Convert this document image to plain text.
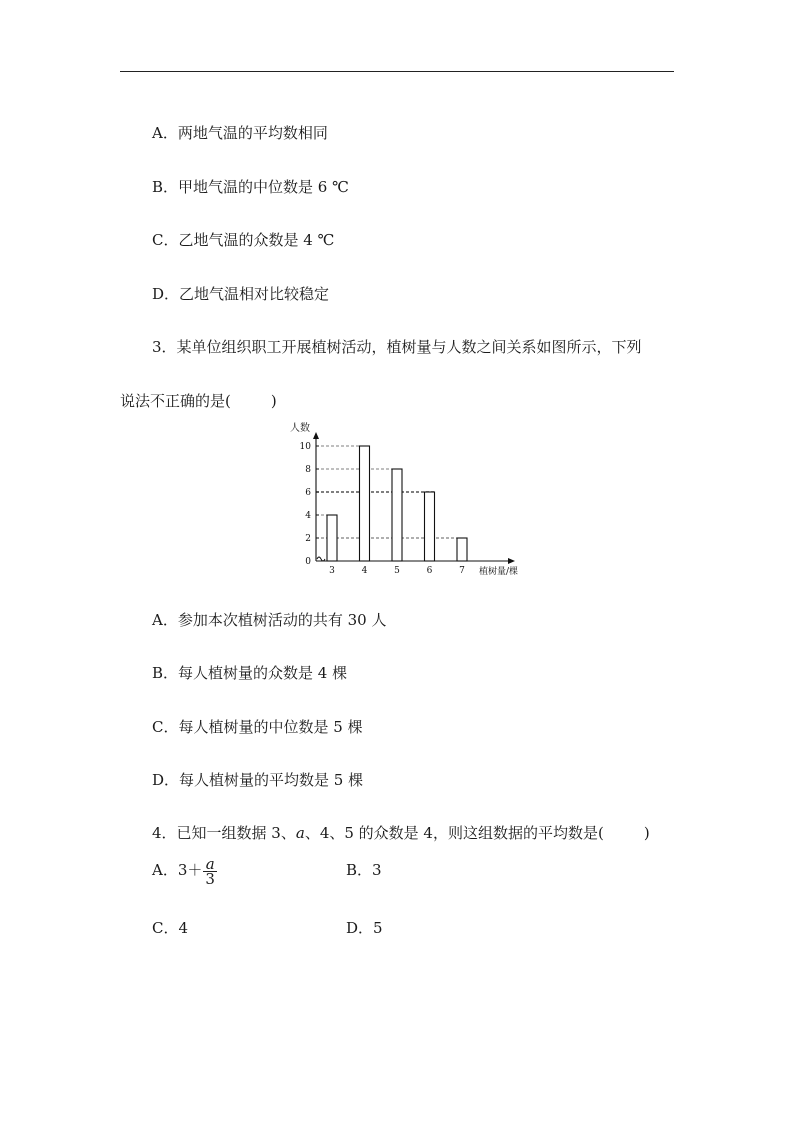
A．两地气温的平均数相同
B．甲地气温的中位数是 6 ℃
C．乙地气温的众数是 4 ℃
D．乙地气温相对比较稳定
3．某单位组织职工开展植树活动，植树量与人数之间关系如图所示，下列
说法不正确的是(	)
人数
植树量/棵
0
2
4
6
8
10
3	4	5	6	7
A．参加本次植树活动的共有 30 人
B．每人植树量的众数是 4 棵
C．每人植树量的中位数是 5 棵
D．每人植树量的平均数是 5 棵
4．已知一组数据 3、a、4、5 的众数是 4，则这组数据的平均数是(	)
A．$3+ \frac{a}{3}$	B．3
C．4	D．5
